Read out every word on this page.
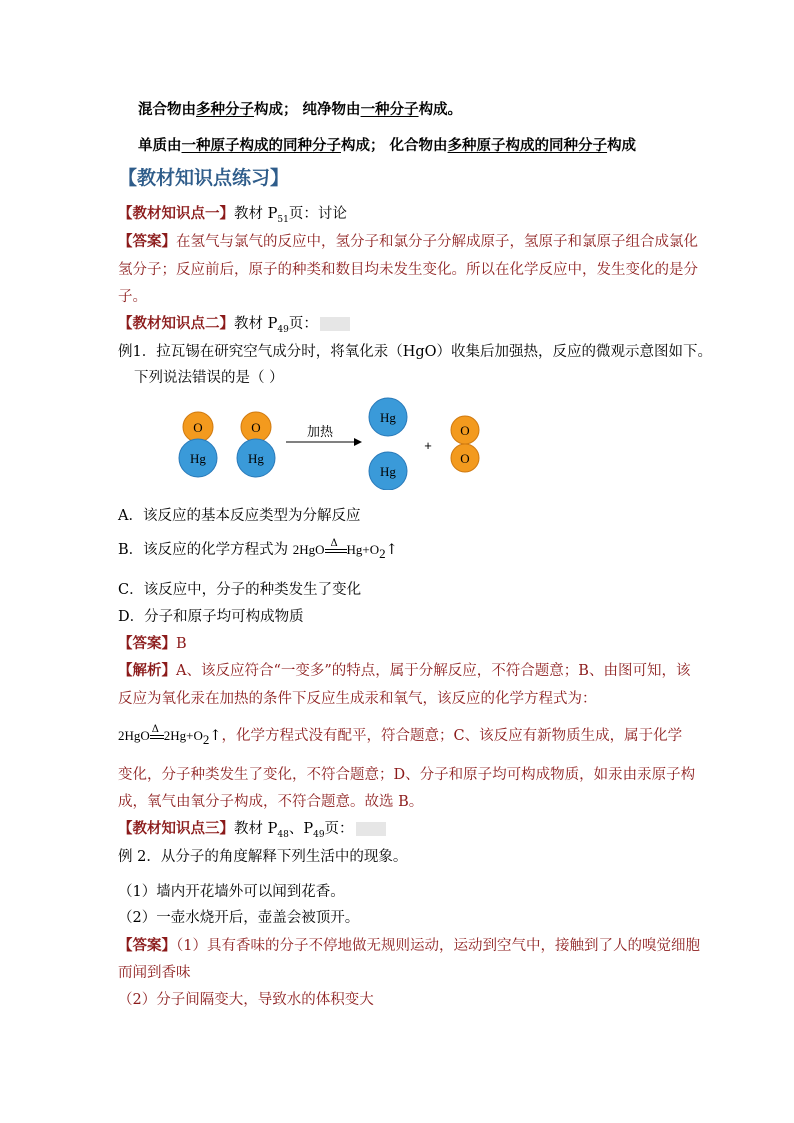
混合物由多种分子构成； 纯净物由一种分子构成。
单质由一种原子构成的同种分子构成； 化合物由多种原子构成的同种分子构成
【教材知识点练习】
【教材知识点一】教材 $P_{51}$页：讨论
【答案】在氢气与氯气的反应中，氢分子和氯分子分解成原子，氢原子和氯原子组合成氯化
氢分子；反应前后，原子的种类和数目均未发生变化。所以在化学反应中，发生变化的是分
子。
【教材知识点二】教材 $P_{49}$页：
例1．拉瓦锡在研究空气成分时，将氧化汞（HgO）收集后加强热，反应的微观示意图如下。
下列说法错误的是（ ）
O
Hg
O
Hg
加热
Hg
Hg
+
O
O
A．该反应的基本反应类型为分解反应
B．该反应的化学方程式为 2HgO Δ $Hg+O_2↑$
C．该反应中，分子的种类发生了变化
D．分子和原子均可构成物质
【答案】B
【解析】A、该反应符合“一变多”的特点，属于分解反应，不符合题意；B、由图可知，该
反应为氧化汞在加热的条件下反应生成汞和氧气，该反应的化学方程式为：
2HgO Δ $2Hg+O_2↑$，化学方程式没有配平，符合题意；C、该反应有新物质生成，属于化学
变化，分子种类发生了变化，不符合题意；D、分子和原子均可构成物质，如汞由汞原子构
成，氧气由氧分子构成，不符合题意。故选 B。
【教材知识点三】教材 $P_{48}$、$P_{49}$页：
例 2．从分子的角度解释下列生活中的现象。
（1）墙内开花墙外可以闻到花香。
（2）一壶水烧开后，壶盖会被顶开。
【答案】（1）具有香味的分子不停地做无规则运动，运动到空气中，接触到了人的嗅觉细胞
而闻到香味
（2）分子间隔变大，导致水的体积变大
